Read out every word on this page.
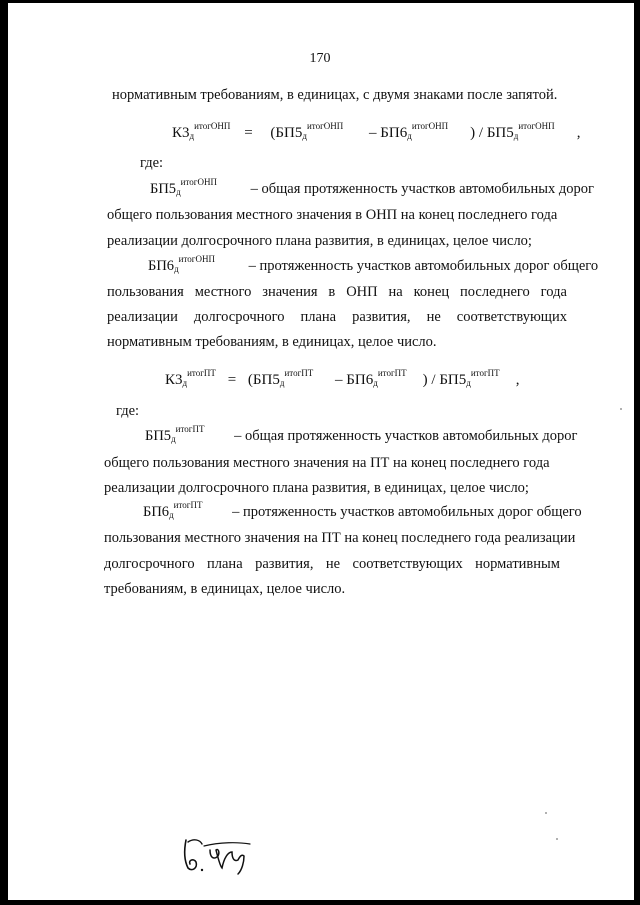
170
нормативным требованиям, в единицах, с двумя знаками после запятой.
$К3_{д^{итогОНП}} = (БП5_{д^{итогОНП}} - БП6_{д^{итогОНП}}$ ) / $БП5_{д^{итогОНП}}$ ,
где:
$БП5_{д^{итогОНП}}$ – общая протяженность участков автомобильных дорог
общего пользования местного значения в ОНП на конец последнего года
реализации долгосрочного плана развития, в единицах, целое число;
$БП6_{д^{итогОНП}}$ – протяженность участков автомобильных дорог общего
пользования местного значения в ОНП на конец последнего года
реализации долгосрочного плана развития, не соответствующих
нормативным требованиям, в единицах, целое число.
$К3_{д^{итогПТ}} = (БП5_{д^{итогПТ}} - БП6_{д^{итогПТ}}$ ) / $БП5_{д^{итогПТ}}$ ,
где:
$БП5_{д^{итогПТ}}$ – общая протяженность участков автомобильных дорог
общего пользования местного значения на ПТ на конец последнего года
реализации долгосрочного плана развития, в единицах, целое число;
$БП6_{д^{итогПТ}}$ – протяженность участков автомобильных дорог общего
пользования местного значения на ПТ на конец последнего года реализации
долгосрочного плана развития, не соответствующих нормативным
требованиям, в единицах, целое число.
